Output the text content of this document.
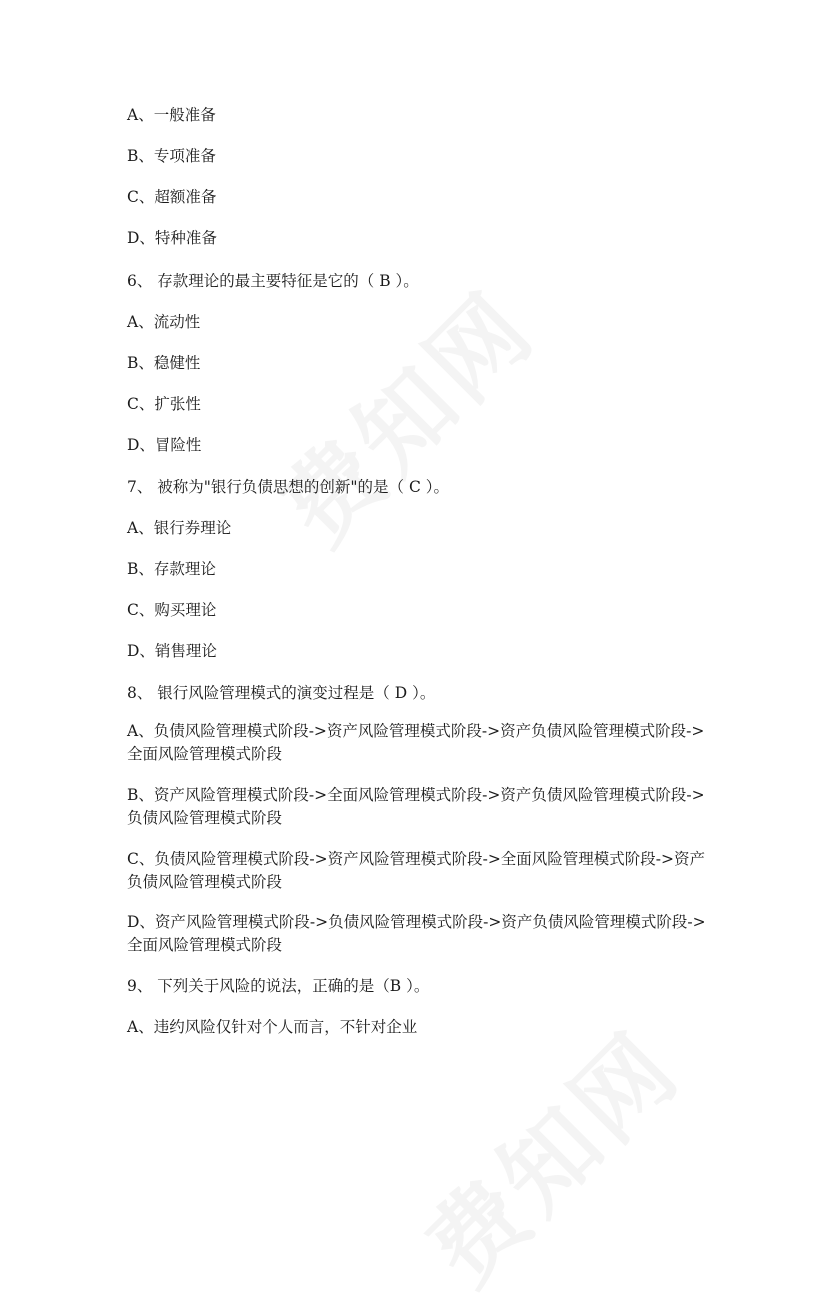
A、一般准备
B、专项准备
C、超额准备
D、特种准备
6、 存款理论的最主要特征是它的（ B ）。
A、流动性
B、稳健性
C、扩张性
D、冒险性
7、 被称为"银行负债思想的创新"的是（ C ）。
A、银行券理论
B、存款理论
C、购买理论
D、销售理论
8、 银行风险管理模式的演变过程是（ D ）。
A、负债风险管理模式阶段->资产风险管理模式阶段->资产负债风险管理模式阶段->全面风险管理模式阶段
B、资产风险管理模式阶段->全面风险管理模式阶段->资产负债风险管理模式阶段->负债风险管理模式阶段
C、负债风险管理模式阶段->资产风险管理模式阶段->全面风险管理模式阶段->资产负债风险管理模式阶段
D、资产风险管理模式阶段->负债风险管理模式阶段->资产负债风险管理模式阶段->全面风险管理模式阶段
9、 下列关于风险的说法，正确的是（B ）。
A、违约风险仅针对个人而言，不针对企业
